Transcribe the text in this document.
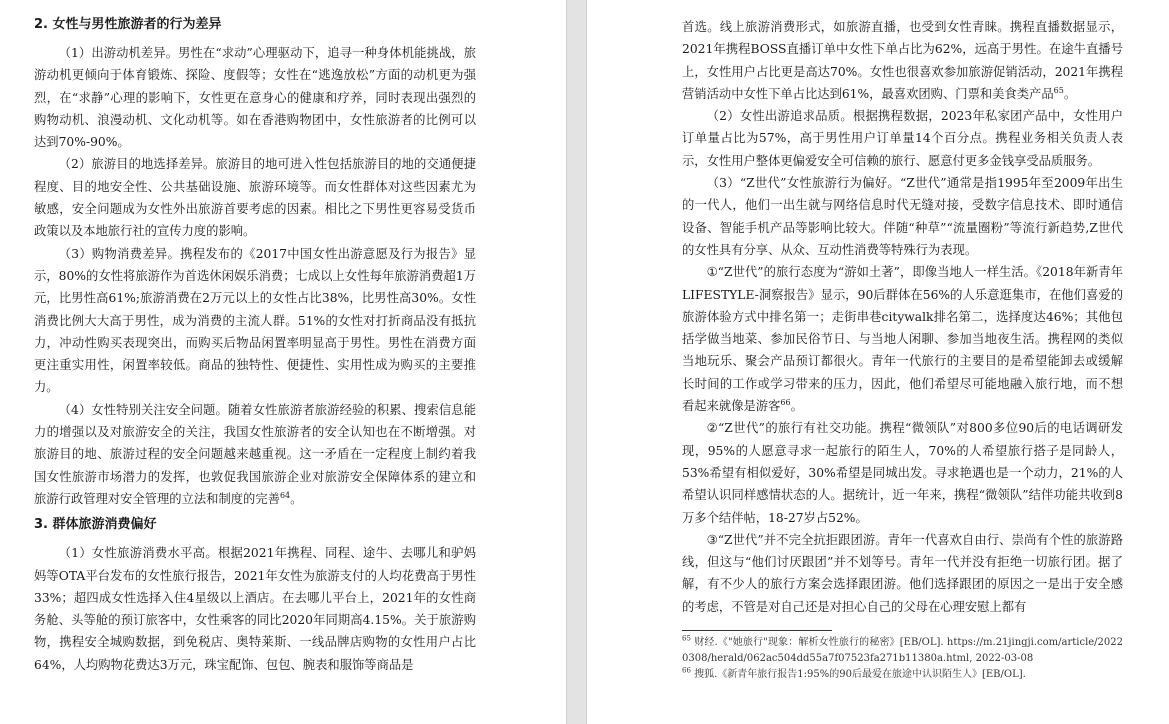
2. 女性与男性旅游者的行为差异

（1）出游动机差异。男性在“求动”心理驱动下，追寻一种身体机能挑战，旅游动机更倾向于体育锻炼、探险、度假等；女性在“逃逸放松”方面的动机更为强烈，在“求静”心理的影响下，女性更在意身心的健康和疗养，同时表现出强烈的购物动机、浪漫动机、文化动机等。如在香港购物团中，女性旅游者的比例可以达到70%-90%。

（2）旅游目的地选择差异。旅游目的地可进入性包括旅游目的地的交通便捷程度、目的地安全性、公共基础设施、旅游环境等。而女性群体对这些因素尤为敏感，安全问题成为女性外出旅游首要考虑的因素。相比之下男性更容易受货币政策以及本地旅行社的宣传力度的影响。

（3）购物消费差异。携程发布的《2017中国女性出游意愿及行为报告》显示，80%的女性将旅游作为首选休闲娱乐消费；七成以上女性每年旅游消费超1万元，比男性高61%;旅游消费在2万元以上的女性占比38%，比男性高30%。女性消费比例大大高于男性，成为消费的主流人群。51%的女性对打折商品没有抵抗力，冲动性购买表现突出，而购买后物品闲置率明显高于男性。男性在消费方面更注重实用性，闲置率较低。商品的独特性、便捷性、实用性成为购买的主要推力。

（4）女性特别关注安全问题。随着女性旅游者旅游经验的积累、搜索信息能力的增强以及对旅游安全的关注，我国女性旅游者的安全认知也在不断增强。对旅游目的地、旅游过程的安全问题越来越重视。这一矛盾在一定程度上制约着我国女性旅游市场潜力的发挥，也敦促我国旅游企业对旅游安全保障体系的建立和旅游行政管理对安全管理的立法和制度的完善$^{64}$。

3. 群体旅游消费偏好

（1）女性旅游消费水平高。根据2021年携程、同程、途牛、去哪儿和驴妈妈等OTA平台发布的女性旅行报告，2021年女性为旅游支付的人均花费高于男性33%；超四成女性选择入住4星级以上酒店。在去哪儿平台上，2021年的女性商务舱、头等舱的预订旅客中，女性乘客的同比2020年同期高4.15%。关于旅游购物，携程安全城购数据，到免税店、奥特莱斯、一线品牌店购物的女性用户占比64%，人均购物花费达3万元，珠宝配饰、包包、腕表和服饰等商品是

首选。线上旅游消费形式，如旅游直播，也受到女性青睐。携程直播数据显示，2021年携程BOSS直播订单中女性下单占比为62%，远高于男性。在途牛直播号上，女性用户占比更是高达70%。女性也很喜欢参加旅游促销活动，2021年携程营销活动中女性下单占比达到61%，最喜欢团购、门票和美食类产品$^{65}$。

（2）女性出游追求品质。根据携程数据，2023年私家团产品中，女性用户订单量占比为57%，高于男性用户订单量14个百分点。携程业务相关负责人表示，女性用户整体更偏爱安全可信赖的旅行、愿意付更多金钱享受品质服务。

（3）“Z世代”女性旅游行为偏好。“Z世代”通常是指1995年至2009年出生的一代人，他们一出生就与网络信息时代无缝对接，受数字信息技术、即时通信设备、智能手机产品等影响比较大。伴随“种草”“流量圈粉”等流行新趋势,Z世代的女性具有分享、从众、互动性消费等特殊行为表现。

①“Z世代”的旅行态度为“游如土著”，即像当地人一样生活。《2018年新青年LIFESTYLE-洞察报告》显示，90后群体在56%的人乐意逛集市，在他们喜爱的旅游体验方式中排名第一；走街串巷citywalk排名第二，选择度达46%；其他包括学做当地菜、参加民俗节日、与当地人闲聊、参加当地夜生活。携程网的类似当地玩乐、聚会产品预订都很火。青年一代旅行的主要目的是希望能卸去或缓解长时间的工作或学习带来的压力，因此，他们希望尽可能地融入旅行地，而不想看起来就像是游客$^{66}$。

②“Z世代”的旅行有社交功能。携程“微领队”对800多位90后的电话调研发现，95%的人愿意寻求一起旅行的陌生人，70%的人希望旅行搭子是同龄人，53%希望有相似爱好，30%希望是同城出发。寻求艳遇也是一个动力，21%的人希望认识同样感情状态的人。据统计，近一年来，携程“微领队”结伴功能共收到8万多个结伴帖，18-27岁占52%。

③“Z世代”并不完全抗拒跟团游。青年一代喜欢自由行、崇尚有个性的旅游路线，但这与“他们讨厌跟团”并不划等号。青年一代并没有拒绝一切旅行团。据了解，有不少人的旅行方案会选择跟团游。他们选择跟团的原因之一是出于安全感的考虑，不管是对自己还是对担心自己的父母在心理安慰上都有

$^{65}$ 财经.《"她旅行"现象：解析女性旅行的秘密》[EB/OL]. https://m.21jingji.com/article/20220308/herald/062ac504dd55a7f07523fa271b11380a.html, 2022-03-08

$^{66}$ 搜狐.《新青年旅行报告1:95%的90后最爱在旅途中认识陌生人》[EB/OL].
